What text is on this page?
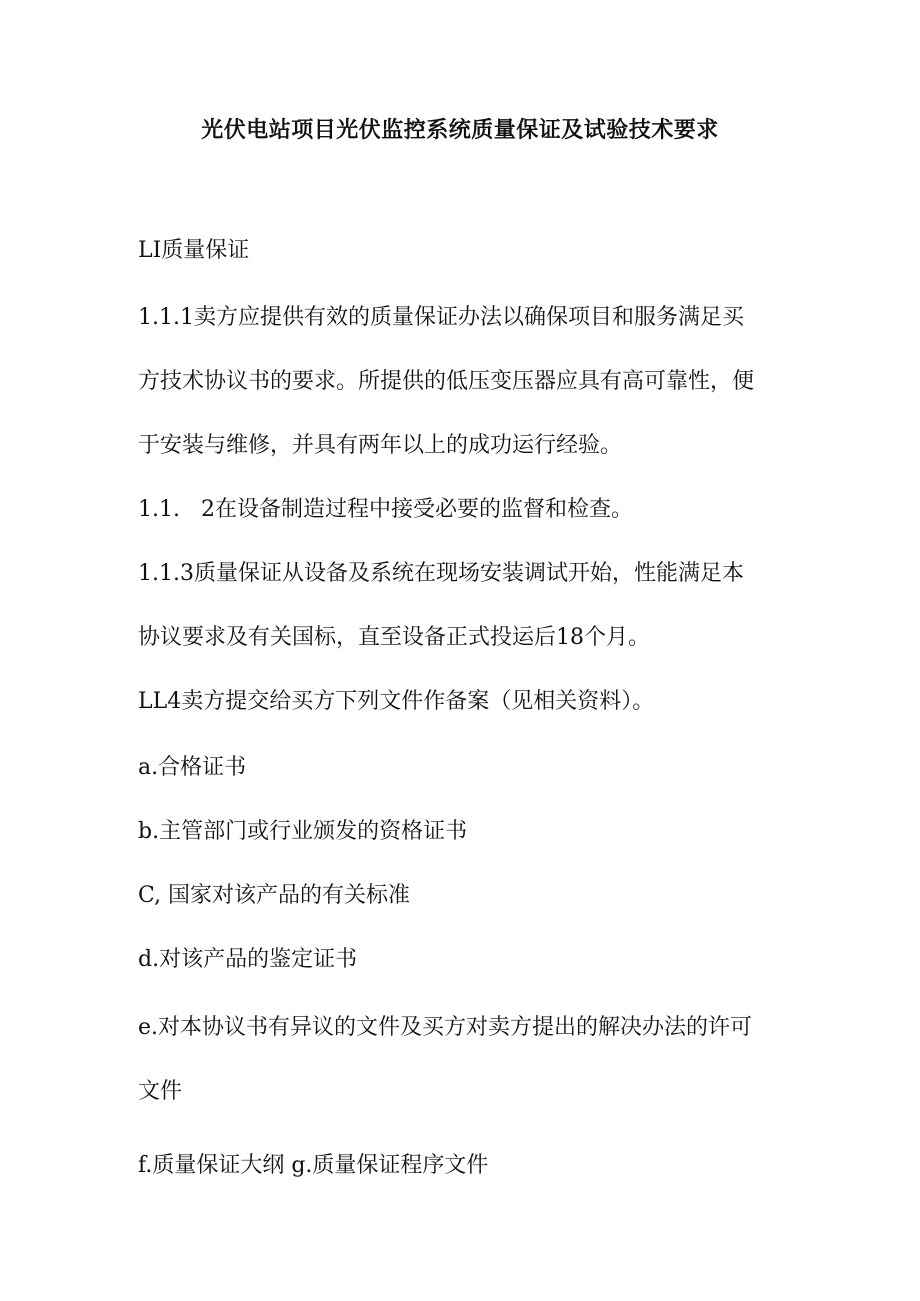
光伏电站项目光伏监控系统质量保证及试验技术要求
LI质量保证
1.1.1卖方应提供有效的质量保证办法以确保项目和服务满足买
方技术协议书的要求。所提供的低压变压器应具有高可靠性，便
于安装与维修，并具有两年以上的成功运行经验。
1.1.   2在设备制造过程中接受必要的监督和检查。
1.1.3质量保证从设备及系统在现场安装调试开始，性能满足本
协议要求及有关国标，直至设备正式投运后18个月。
LL4卖方提交给买方下列文件作备案（见相关资料）。
a.合格证书
b.主管部门或行业颁发的资格证书
C, 国家对该产品的有关标准
d.对该产品的鉴定证书
e.对本协议书有异议的文件及买方对卖方提出的解决办法的许可
文件
f.质量保证大纲 g.质量保证程序文件
